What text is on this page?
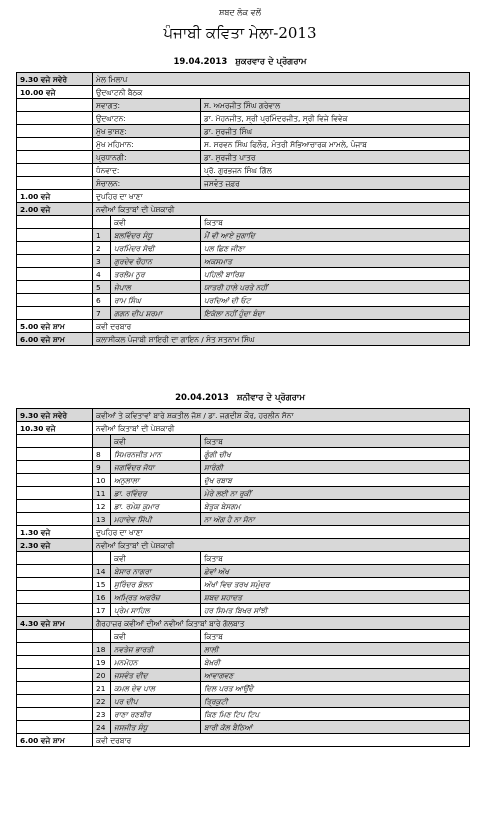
ਸ਼ਬਦ ਲੋਕ ਵਲੋਂ
ਪੰਜਾਬੀ ਕਵਿਤਾ ਮੇਲਾ-2013
19.04.2013 ਸ਼ੁਕਰਵਾਰ ਦੇ ਪ੍ਰੋਗਰਾਮ
9.30 ਵਜੇ ਸਵੇਰੇ	ਮੇਲ ਮਿਲਾਪ		
10.00 ਵਜੇ	ਉਦਘਾਟਨੀ ਬੈਠਕ		
	ਸਵਾਗਤ:		ਸ. ਅਮਰਜੀਤ ਸਿੰਘ ਗਰੇਵਾਲ
	ਉਦਘਾਟਨ:		ਡਾ. ਮੋਹਨਜੀਤ, ਸ੍ਰੀ ਪ੍ਰਮਿੰਦਰਜੀਤ, ਸ੍ਰੀ ਵਿਜੇ ਵਿਵੇਕ
	ਮੁੱਖ ਭਾਸ਼ਣ:		ਡਾ. ਸੁਰਜੀਤ ਸਿੰਘ
	ਮੁੱਖ ਮਹਿਮਾਨ:		ਸ. ਸਰਵਨ ਸਿੰਘ ਫਿਲੌਰ, ਮੰਤਰੀ ਸੱਭਿਆਚਾਰਕ ਮਾਮਲੇ, ਪੰਜਾਬ
	ਪ੍ਰਧਾਨਗੀ:		ਡਾ. ਸੁਰਜੀਤ ਪਾਤਰ
	ਧੰਨਵਾਦ:		ਪ੍ਰੋ. ਗੁਰਭਜਨ ਸਿੰਘ ਗਿੱਲ
	ਸੰਚਾਲਨ:		ਜਸਵੰਤ ਜ਼ਫ਼ਰ
1.00 ਵਜੇ	ਦੁਪਹਿਰ ਦਾ ਖਾਣਾ		
2.00 ਵਜੇ	ਨਵੀਆਂ ਕਿਤਾਬਾਂ ਦੀ ਪੇਸ਼ਕਾਰੀ		
		ਕਵੀ	ਕਿਤਾਬ
	1	ਬਲਵਿੰਦਰ ਸੰਧੂ	ਮੈਂ ਵੀ ਆਏ ਜੁਗਾਦਿ
	2	ਪਰਮਿੰਦਰ ਸੋਢੀ	ਪਲ ਛਿਣ ਜੀਣਾ
	3	ਗੁਰਦੇਵ ਚੌਹਾਨ	ਅਕਸਮਾਤ
	4	ਤਰਲੋਮ ਨੂਰ	ਪਹਿਲੀ ਬਾਰਿਸ਼
	5	ਜੇਪਾਲ	ਯਾਤਰੀ ਹਾਲੇ ਪਰਤੇ ਨਹੀਂ
	6	ਰਾਮ ਸਿੰਘ	ਪਰਦਿਆਂ ਦੀ ਓਟ
	7	ਗਗਨ ਦੀਪ ਸ਼ਰਮਾ	ਇਕੱਲਾ ਨਹੀਂ ਹੁੰਦਾ ਬੰਦਾ
5.00 ਵਜੇ ਸ਼ਾਮ	ਕਵੀ ਦਰਬਾਰ		
6.00 ਵਜੇ ਸ਼ਾਮ	ਕਲਾਸੀਕਲ ਪੰਜਾਬੀ ਸ਼ਾਇਰੀ ਦਾ ਗਾਇਨ / ਸੰਤ ਸਤਨਾਮ ਸਿੰਘ		
20.04.2013 ਸ਼ਨੀਵਾਰ ਦੇ ਪ੍ਰੋਗਰਾਮ
9.30 ਵਜੇ ਸਵੇਰੇ	ਕਵੀਆਂ ਤੇ ਕਵਿਤਾਵਾਂ ਬਾਰੇ ਸ਼ਕਤੀਲ ਜੋਸ਼ / ਡਾ. ਜਗਦੀਸ਼ ਕੌਰ, ਹਰਲੀਨ ਸੋਨਾ		
10.30 ਵਜੇ	ਨਵੀਆਂ ਕਿਤਾਬਾਂ ਦੀ ਪੇਸ਼ਕਾਰੀ		
		ਕਵੀ	ਕਿਤਾਬ
	8	ਸਿਮਰਨਜੀਤ ਮਾਨ	ਗੂੰਗੀ ਚੀਖ
	9	ਜਗਵਿੰਦਰ ਜੋਧਾ	ਸਾਰੰਗੀ
	10	ਅਨੁਲਾਲਾ	ਦੁੱਖ ਰਬਾਬ
	11	ਡਾ. ਰਵਿੰਦਰ	ਮੇਰੇ ਲਈ ਨਾ ਰੁਕੀਂ
	12	ਡਾ. ਰਮੇਸ਼ ਕੁਮਾਰ	ਬੇਤੁਕ ਬੇਸਗਮ
	13	ਮਹਾਦੇਵ ਸਿੱਪੀ	ਨਾ ਅੱਗ ਹੈ ਨਾ ਸੋਨਾ
1.30 ਵਜੇ	ਦੁਪਹਿਰ ਦਾ ਖਾਣਾ		
2.30 ਵਜੇ	ਨਵੀਆਂ ਕਿਤਾਬਾਂ ਦੀ ਪੇਸ਼ਕਾਰੀ		
		ਕਵੀ	ਕਿਤਾਬ
	14	ਬੇਸਾਰ ਨਾਗਰਾ	ਛੇਵਾਂ ਅੱਖ
	15	ਸੁਰਿੰਦਰ ਡੱਲਨ	ਅੱਖਾਂ ਵਿਚ ਤਰਖ ਸਮੁੰਦਰ
	16	ਅਮ੍ਰਿਤ ਅਫਰੋਜ਼	ਸ਼ਬਦ ਸ਼ਹਾਦਤ
	17	ਪ੍ਰੇਮ ਸਾਹਿਲ	ਹਰ ਸਿਮਤ ਬਿਖਰ ਸਾਂਝੀ
4.30 ਵਜੇ ਸ਼ਾਮ	ਗੈਰਹਾਜ਼ਰ ਕਵੀਆਂ ਦੀਆਂ ਨਵੀਆਂ ਕਿਤਾਬਾਂ ਬਾਰੇ ਗੱਲਬਾਤ		
		ਕਵੀ	ਕਿਤਾਬ
	18	ਨਵਤੇਜ ਭਾਰਤੀ	ਲਾਲੀ
	19	ਮਨਮੋਹਨ	ਬੇਖ਼ਰੀ
	20	ਜਸਵੰਤ ਦੀਦ	ਆਵਾਗਵਣ
	21	ਕਮਲ ਦੇਵ ਪਾਲ	ਦਿਲ ਪਰਤ ਆਉਂਦੈ
	22	ਪਰ ਦੀਪ	ਤ੍ਰਿਕੁਟੀ
	23	ਰਾਣਾ ਰਣਬੀਰ	ਕਿਣ ਮਿਣ ਟਿਪ ਟਿਪ
	24	ਜਸਜੀਤ ਸੰਧੂ	ਬਾਰੀ ਕੋਲ ਬੈਠਿਆਂ
6.00 ਵਜੇ ਸ਼ਾਮ	ਕਵੀ ਦਰਬਾਰ		
